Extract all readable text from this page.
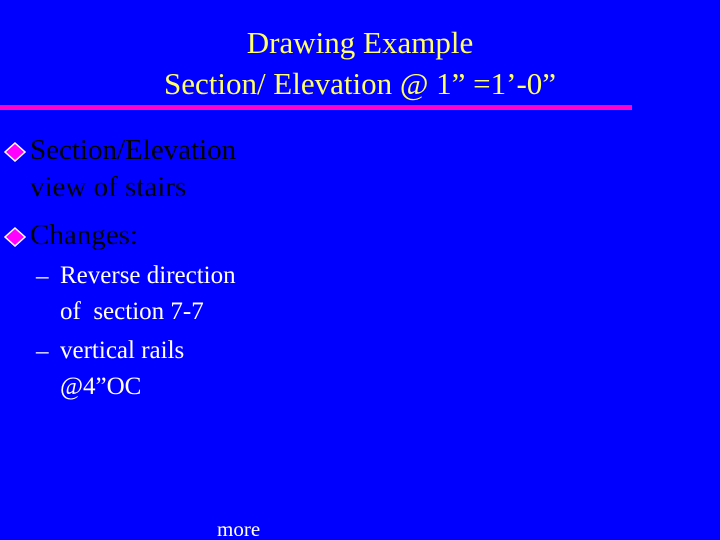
Drawing Example
Section/ Elevation @ 1” =1’-0”
Section/Elevation
view of stairs
Changes:
– Reverse direction
of  section 7-7
– vertical rails
@4”OC
more
